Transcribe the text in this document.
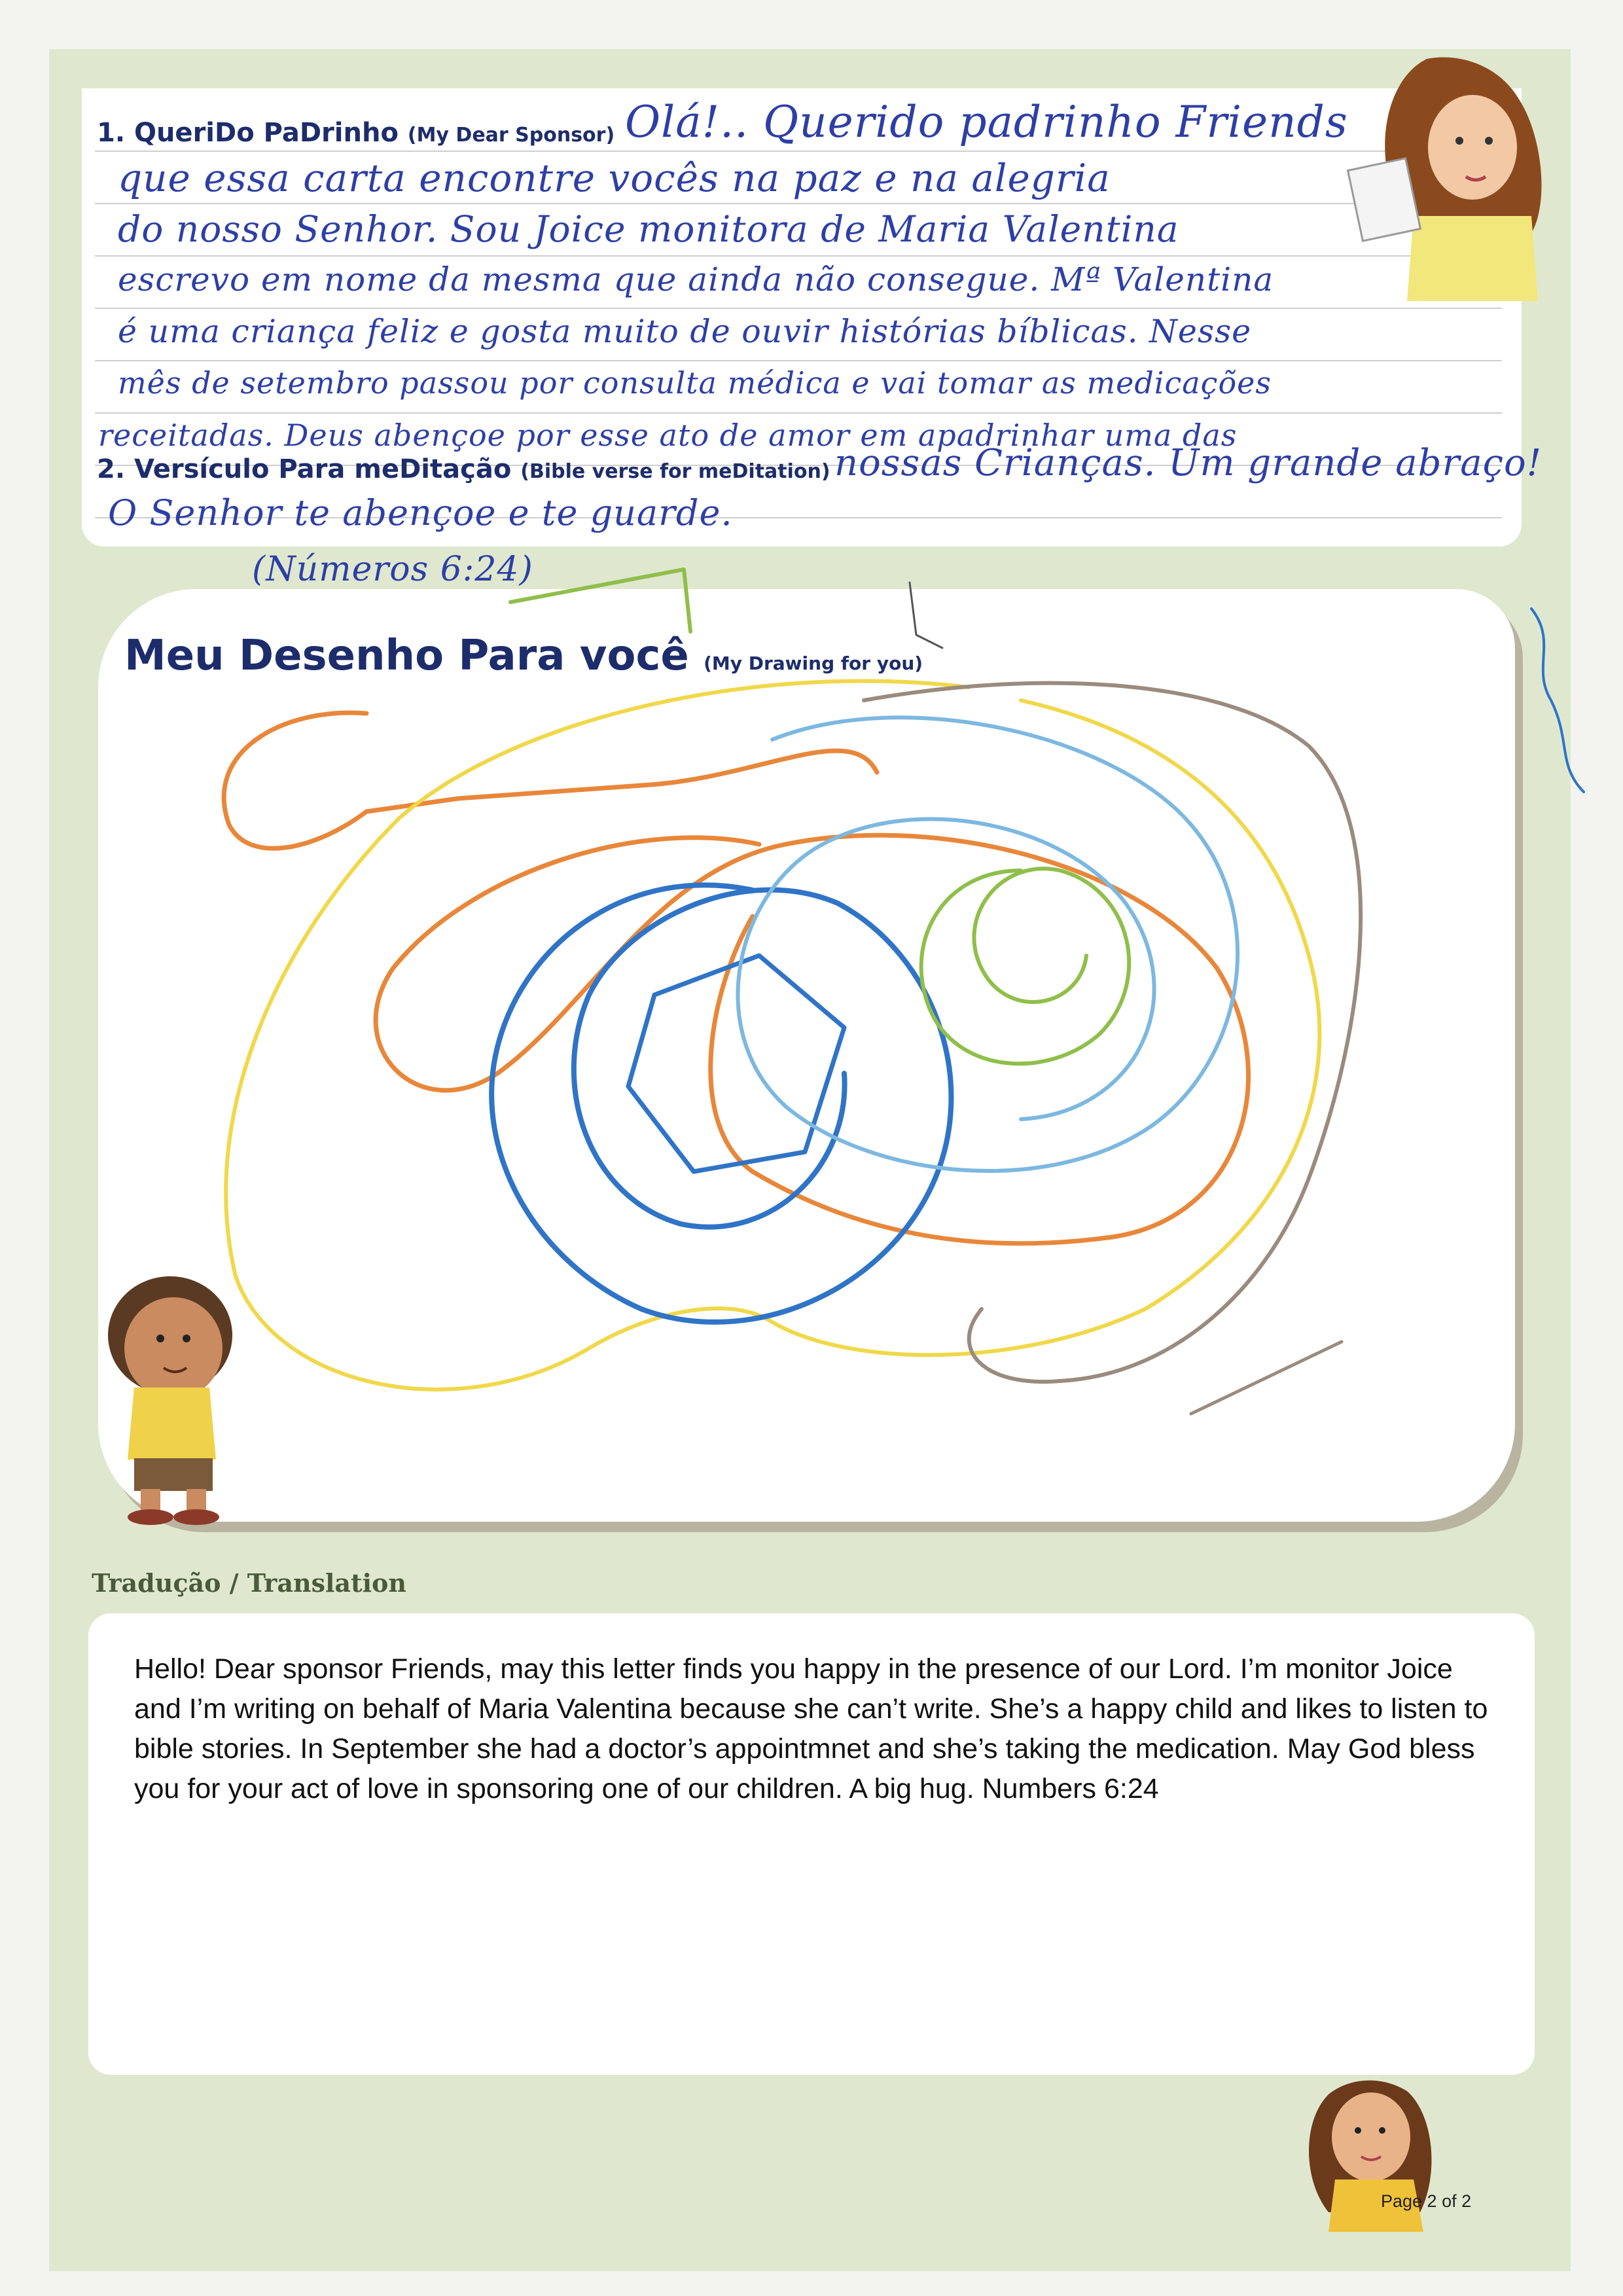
1. QueriDo PaDrinho (My Dear Sponsor) Olá!.. Querido padrinho Friends
que essa carta encontre vocês na paz e na alegria
do nosso Senhor. Sou Joice monitora de Maria Valentina
escrevo em nome da mesma que ainda não consegue. Mª Valentina
é uma criança feliz e gosta muito de ouvir histórias bíblicas. Nesse
mês de setembro passou por consulta médica e vai tomar as medicações
receitadas. Deus abençoe por esse ato de amor em apadrinhar uma das
2. Versículo Para meDitação (Bible verse for meDitation) nossas Crianças. Um grande abraço!
O Senhor te abençoe e te guarde.
(Números 6:24)
Meu Desenho Para você (My Drawing for you)
Tradução / Translation
Hello! Dear sponsor Friends, may this letter finds you happy in the presence of our Lord. I’m monitor Joice and I’m writing on behalf of Maria Valentina because she can’t write. She’s a happy child and likes to listen to bible stories. In September she had a doctor’s appointmnet and she’s taking the medication. May God bless you for your act of love in sponsoring one of our children. A big hug. Numbers 6:24
Page 2 of 2
